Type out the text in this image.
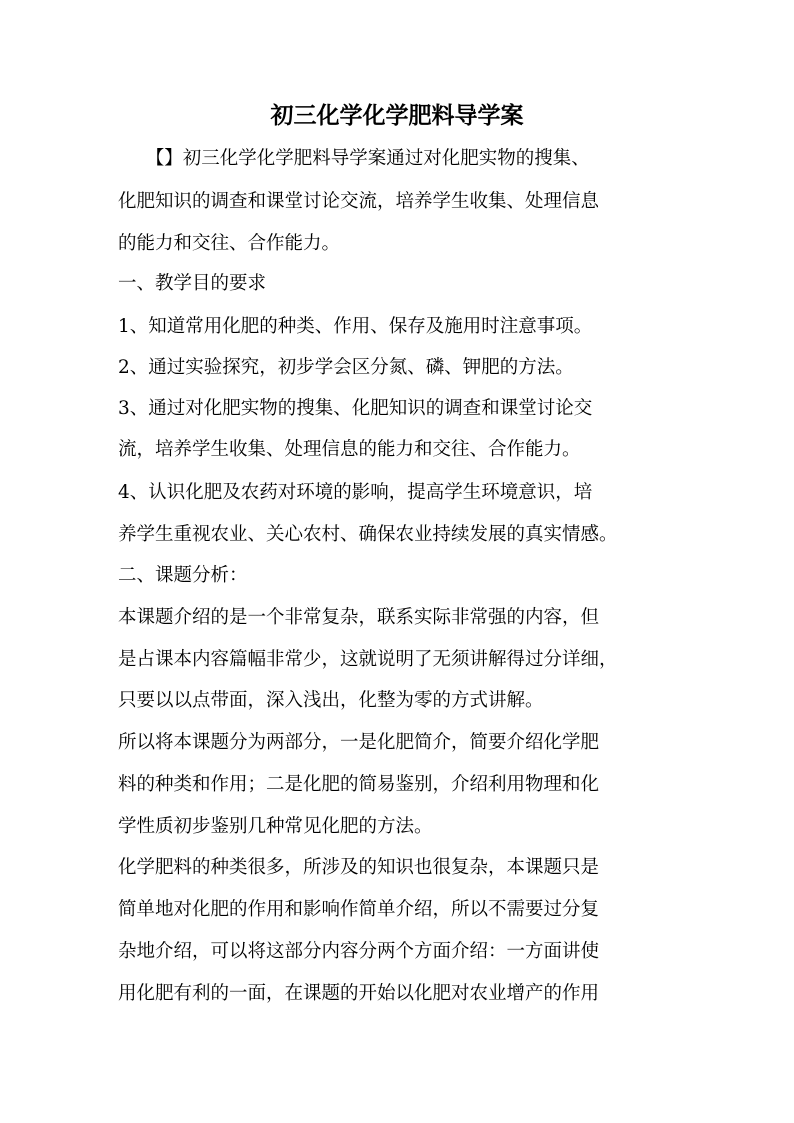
初三化学化学肥料导学案

　　【】初三化学化学肥料导学案通过对化肥实物的搜集、

化肥知识的调查和课堂讨论交流，培养学生收集、处理信息

的能力和交往、合作能力。

一、教学目的要求

1、知道常用化肥的种类、作用、保存及施用时注意事项。

2、通过实验探究，初步学会区分氮、磷、钾肥的方法。

3、通过对化肥实物的搜集、化肥知识的调查和课堂讨论交

流，培养学生收集、处理信息的能力和交往、合作能力。

4、认识化肥及农药对环境的影响，提高学生环境意识，培

养学生重视农业、关心农村、确保农业持续发展的真实情感。

二、课题分析：

本课题介绍的是一个非常复杂，联系实际非常强的内容，但

是占课本内容篇幅非常少，这就说明了无须讲解得过分详细，

只要以以点带面，深入浅出，化整为零的方式讲解。

所以将本课题分为两部分，一是化肥简介，简要介绍化学肥

料的种类和作用；二是化肥的简易鉴别，介绍利用物理和化

学性质初步鉴别几种常见化肥的方法。

化学肥料的种类很多，所涉及的知识也很复杂，本课题只是

简单地对化肥的作用和影响作简单介绍，所以不需要过分复

杂地介绍，可以将这部分内容分两个方面介绍：一方面讲使

用化肥有利的一面，在课题的开始以化肥对农业增产的作用
